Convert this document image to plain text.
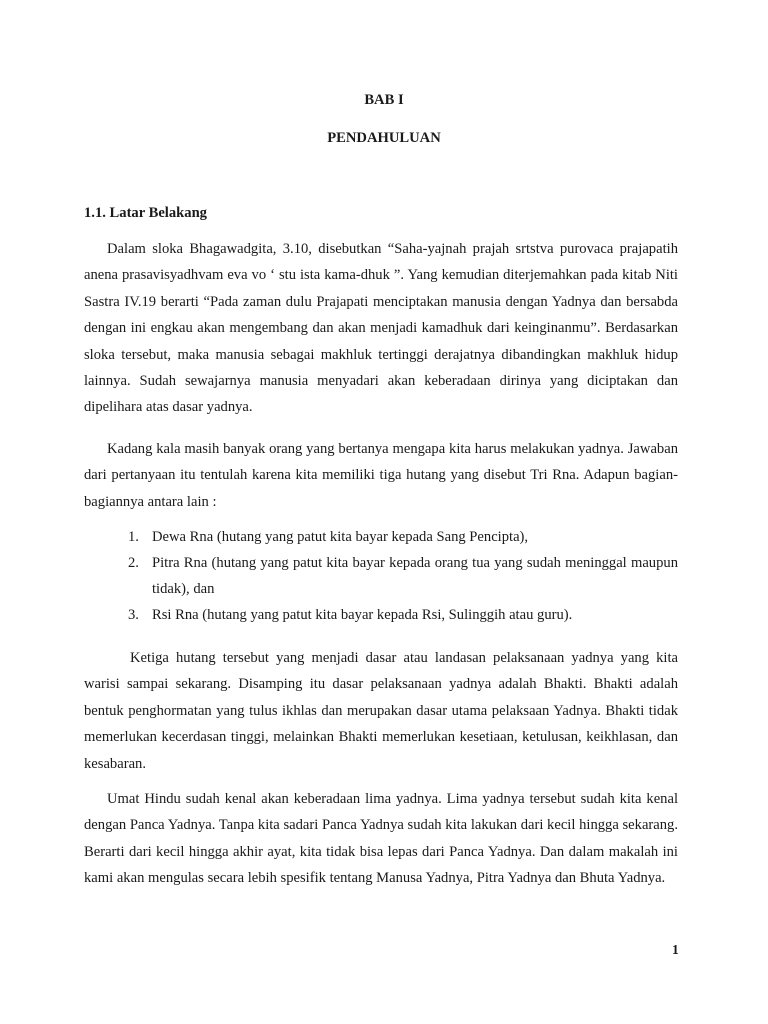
BAB I
PENDAHULUAN
1.1. Latar Belakang

Dalam sloka Bhagawadgita, 3.10, disebutkan “Saha-yajnah prajah srtstva purovaca prajapatih anena prasavisyadhvam eva vo ‘ stu ista kama-dhuk ”. Yang kemudian diterjemahkan pada kitab Niti Sastra IV.19 berarti “Pada zaman dulu Prajapati menciptakan manusia dengan Yadnya dan bersabda dengan ini engkau akan mengembang dan akan menjadi kamadhuk dari keinginanmu”. Berdasarkan sloka tersebut, maka manusia sebagai makhluk tertinggi derajatnya dibandingkan makhluk hidup lainnya. Sudah sewajarnya manusia menyadari akan keberadaan dirinya yang diciptakan dan dipelihara atas dasar yadnya.

Kadang kala masih banyak orang yang bertanya mengapa kita harus melakukan yadnya. Jawaban dari pertanyaan itu tentulah karena kita memiliki tiga hutang yang disebut Tri Rna. Adapun bagian-bagiannya antara lain :

1. Dewa Rna (hutang yang patut kita bayar kepada Sang Pencipta),
2. Pitra Rna (hutang yang patut kita bayar kepada orang tua yang sudah meninggal maupun tidak), dan
3. Rsi Rna (hutang yang patut kita bayar kepada Rsi, Sulinggih atau guru).

Ketiga hutang tersebut yang menjadi dasar atau landasan pelaksanaan yadnya yang kita warisi sampai sekarang. Disamping itu dasar pelaksanaan yadnya adalah Bhakti. Bhakti adalah bentuk penghormatan yang tulus ikhlas dan merupakan dasar utama pelaksaan Yadnya. Bhakti tidak memerlukan kecerdasan tinggi, melainkan Bhakti memerlukan kesetiaan, ketulusan, keikhlasan, dan kesabaran.

Umat Hindu sudah kenal akan keberadaan lima yadnya. Lima yadnya tersebut sudah kita kenal dengan Panca Yadnya. Tanpa kita sadari Panca Yadnya sudah kita lakukan dari kecil hingga sekarang. Berarti dari kecil hingga akhir ayat, kita tidak bisa lepas dari Panca Yadnya. Dan dalam makalah ini kami akan mengulas secara lebih spesifik tentang Manusa Yadnya, Pitra Yadnya dan Bhuta Yadnya.

1
